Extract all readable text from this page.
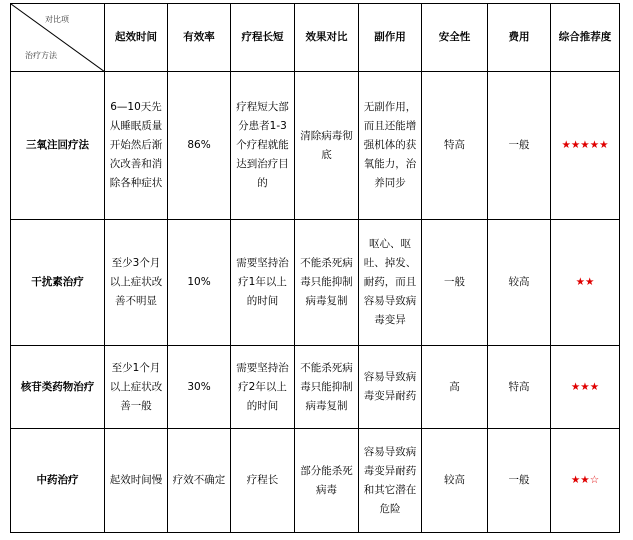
对比项
治疗方法	起效时间	有效率	疗程长短	效果对比	副作用	安全性	费用	综合推荐度
三氧注回疗法	6—10天先从睡眠质量开始然后渐次改善和消除各种症状	86%	疗程短大部分患者1-3个疗程就能达到治疗目的	清除病毒彻底	无副作用，而且还能增强机体的获氧能力，治养同步	特高	一般	★★★★★
干扰素治疗	至少3个月以上症状改善不明显	10%	需要坚持治疗1年以上的时间	不能杀死病毒只能抑制病毒复制	呕心、呕吐、掉发、耐药，而且容易导致病毒变异	一般	较高	★★
核苷类药物治疗	至少1个月以上症状改善一般	30%	需要坚持治疗2年以上的时间	不能杀死病毒只能抑制病毒复制	容易导致病毒变异耐药	高	特高	★★★
中药治疗	起效时间慢	疗效不确定	疗程长	部分能杀死病毒	容易导致病毒变异耐药和其它潜在危险	较高	一般	★★☆
